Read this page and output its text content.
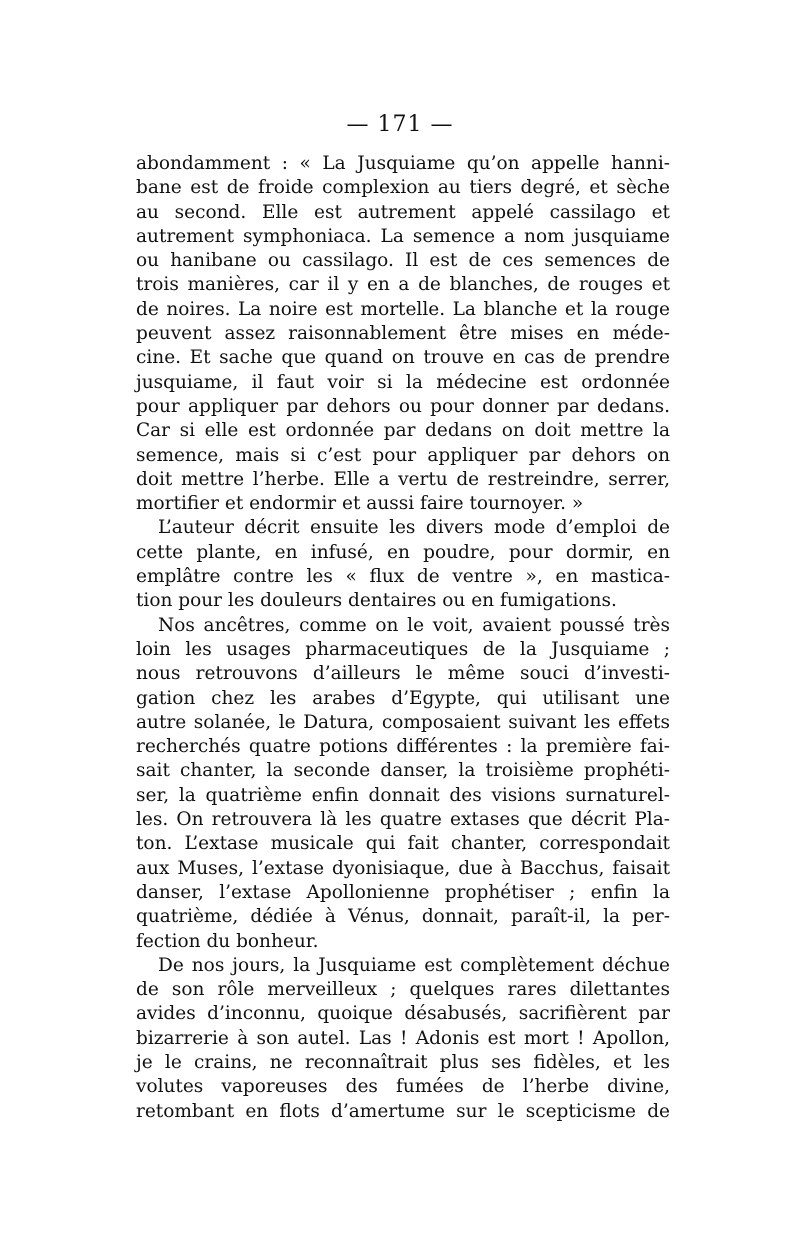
— 171 —
abondamment : « La Jusquiame qu’on appelle hanni-
bane est de froide complexion au tiers degré, et sèche
au second. Elle est autrement appelé cassilago et
autrement symphoniaca. La semence a nom jusquiame
ou hanibane ou cassilago. Il est de ces semences de
trois manières, car il y en a de blanches, de rouges et
de noires. La noire est mortelle. La blanche et la rouge
peuvent assez raisonnablement être mises en méde-
cine. Et sache que quand on trouve en cas de prendre
jusquiame, il faut voir si la médecine est ordonnée
pour appliquer par dehors ou pour donner par dedans.
Car si elle est ordonnée par dedans on doit mettre la
semence, mais si c’est pour appliquer par dehors on
doit mettre l’herbe. Elle a vertu de restreindre, serrer,
mortifier et endormir et aussi faire tournoyer. »
L’auteur décrit ensuite les divers mode d’emploi de
cette plante, en infusé, en poudre, pour dormir, en
emplâtre contre les « flux de ventre », en mastica-
tion pour les douleurs dentaires ou en fumigations.
Nos ancêtres, comme on le voit, avaient poussé très
loin les usages pharmaceutiques de la Jusquiame ;
nous retrouvons d’ailleurs le même souci d’investi-
gation chez les arabes d’Egypte, qui utilisant une
autre solanée, le Datura, composaient suivant les effets
recherchés quatre potions différentes : la première fai-
sait chanter, la seconde danser, la troisième prophéti-
ser, la quatrième enfin donnait des visions surnaturel-
les. On retrouvera là les quatre extases que décrit Pla-
ton. L’extase musicale qui fait chanter, correspondait
aux Muses, l’extase dyonisiaque, due à Bacchus, faisait
danser, l’extase Apollonienne prophétiser ; enfin la
quatrième, dédiée à Vénus, donnait, paraît-il, la per-
fection du bonheur.
De nos jours, la Jusquiame est complètement déchue
de son rôle merveilleux ; quelques rares dilettantes
avides d’inconnu, quoique désabusés, sacrifièrent par
bizarrerie à son autel. Las ! Adonis est mort ! Apollon,
je le crains, ne reconnaîtrait plus ses fidèles, et les
volutes vaporeuses des fumées de l’herbe divine,
retombant en flots d’amertume sur le scepticisme de
